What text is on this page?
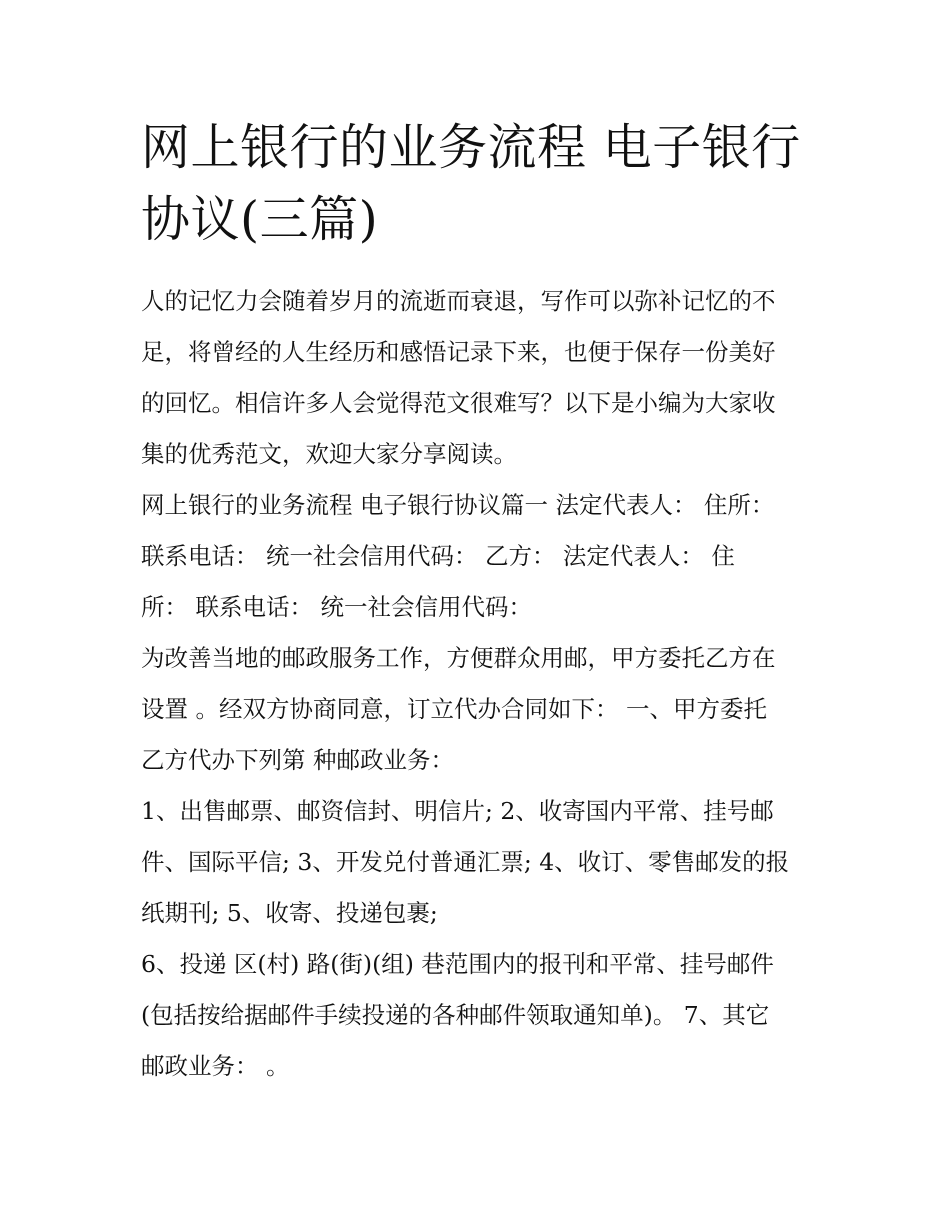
网上银行的业务流程 电子银行
协议(三篇)
人的记忆力会随着岁月的流逝而衰退，写作可以弥补记忆的不
足，将曾经的人生经历和感悟记录下来，也便于保存一份美好
的回忆。相信许多人会觉得范文很难写？以下是小编为大家收
集的优秀范文，欢迎大家分享阅读。
网上银行的业务流程 电子银行协议篇一 法定代表人： 住所：
联系电话： 统一社会信用代码： 乙方： 法定代表人： 住
所： 联系电话： 统一社会信用代码：
为改善当地的邮政服务工作，方便群众用邮，甲方委托乙方在
设置 。经双方协商同意，订立代办合同如下： 一、甲方委托
乙方代办下列第 种邮政业务：
1、出售邮票、邮资信封、明信片; 2、收寄国内平常、挂号邮
件、国际平信; 3、开发兑付普通汇票; 4、收订、零售邮发的报
纸期刊; 5、收寄、投递包裹;
6、投递 区(村) 路(街)(组) 巷范围内的报刊和平常、挂号邮件
(包括按给据邮件手续投递的各种邮件领取通知单)。 7、其它
邮政业务： 。
